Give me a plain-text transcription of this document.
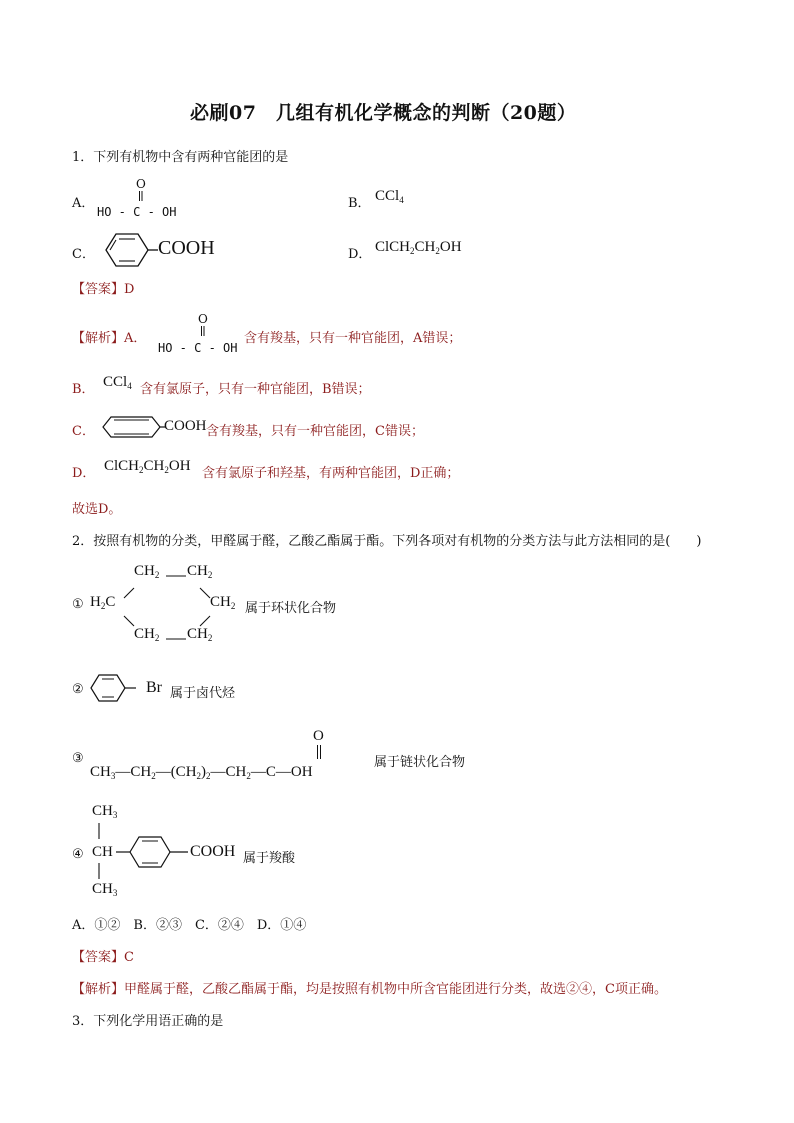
必刷07　几组有机化学概念的判断（20题）
1．下列有机物中含有两种官能团的是
A．
O
HO - C - OH
B． CCl$_4$
C．	COOH	D． $ClCH_2CH_2OH$
【答案】D
【解析】A．
O
HO - C - OH
含有羧基，只有一种官能团，A错误；
B． CCl$_4$ 含有氯原子，只有一种官能团，B错误；
C．	COOH 含有羧基，只有一种官能团，C错误；
D． $ClCH_2CH_2OH$ 含有氯原子和羟基，有两种官能团，D正确；
故选D。
2．按照有机物的分类，甲醛属于醛，乙酸乙酯属于酯。下列各项对有机物的分类方法与此方法相同的是(　　)
$CH_2$ $CH_2$
① $H_2C$	$CH_2$ 属于环状化合物
$CH_2$ $CH_2$
②	Br 属于卤代烃
O
③	属于链状化合物
$CH_3—CH_2—(CH_2)_2—CH_2—C—OH$
$CH_3$
④ CH	COOH 属于羧酸
$CH_3$
A．①②　B．②③　C．②④　D．①④
【答案】C
【解析】甲醛属于醛，乙酸乙酯属于酯，均是按照有机物中所含官能团进行分类，故选②④，C项正确。
3．下列化学用语正确的是
